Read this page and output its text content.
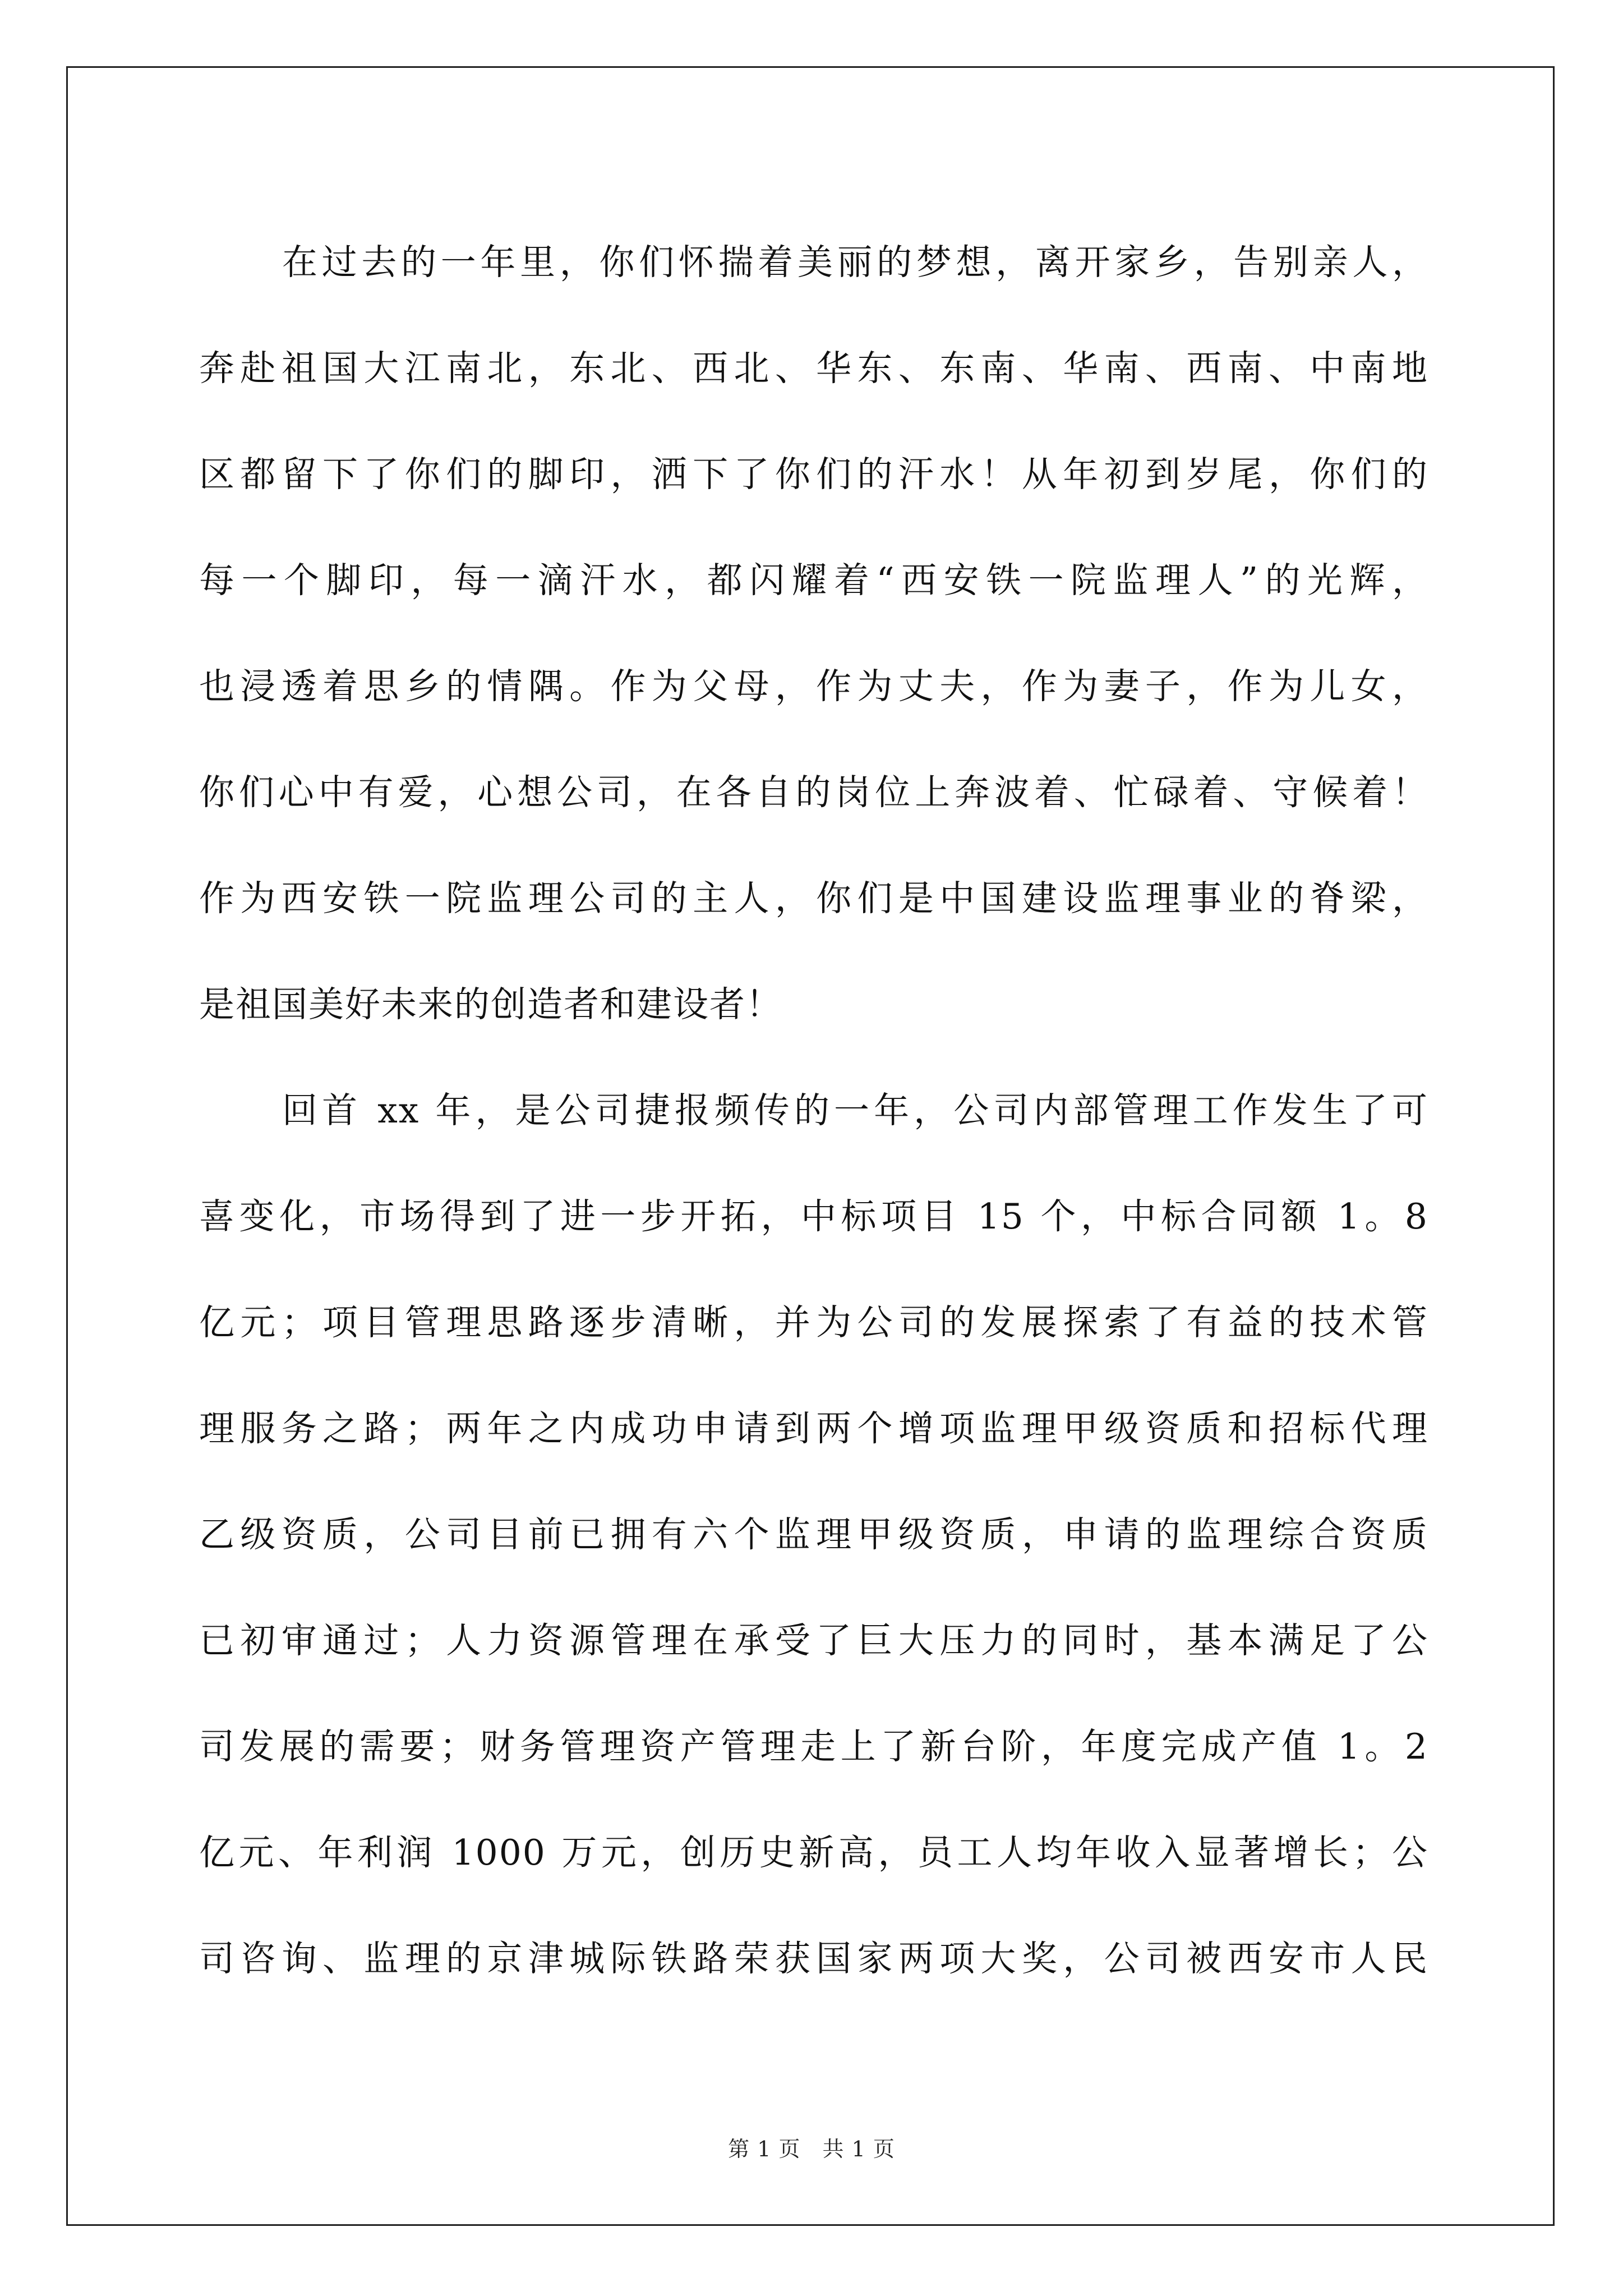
在过去的一年里，你们怀揣着美丽的梦想，离开家乡，告别亲人，
奔赴祖国大江南北，东北、西北、华东、东南、华南、西南、中南地
区都留下了你们的脚印，洒下了你们的汗水！从年初到岁尾，你们的
每一个脚印，每一滴汗水，都闪耀着“西安铁一院监理人”的光辉，
也浸透着思乡的情隅。作为父母，作为丈夫，作为妻子，作为儿女，
你们心中有爱，心想公司，在各自的岗位上奔波着、忙碌着、守候着！
作为西安铁一院监理公司的主人，你们是中国建设监理事业的脊梁，
是祖国美好未来的创造者和建设者！
回首 xx 年，是公司捷报频传的一年，公司内部管理工作发生了可
喜变化，市场得到了进一步开拓，中标项目 15 个，中标合同额 1。8
亿元；项目管理思路逐步清晰，并为公司的发展探索了有益的技术管
理服务之路；两年之内成功申请到两个增项监理甲级资质和招标代理
乙级资质，公司目前已拥有六个监理甲级资质，申请的监理综合资质
已初审通过；人力资源管理在承受了巨大压力的同时，基本满足了公
司发展的需要；财务管理资产管理走上了新台阶，年度完成产值 1。2
亿元、年利润 1000 万元，创历史新高，员工人均年收入显著增长；公
司咨询、监理的京津城际铁路荣获国家两项大奖，公司被西安市人民
第 1 页　共 1 页
